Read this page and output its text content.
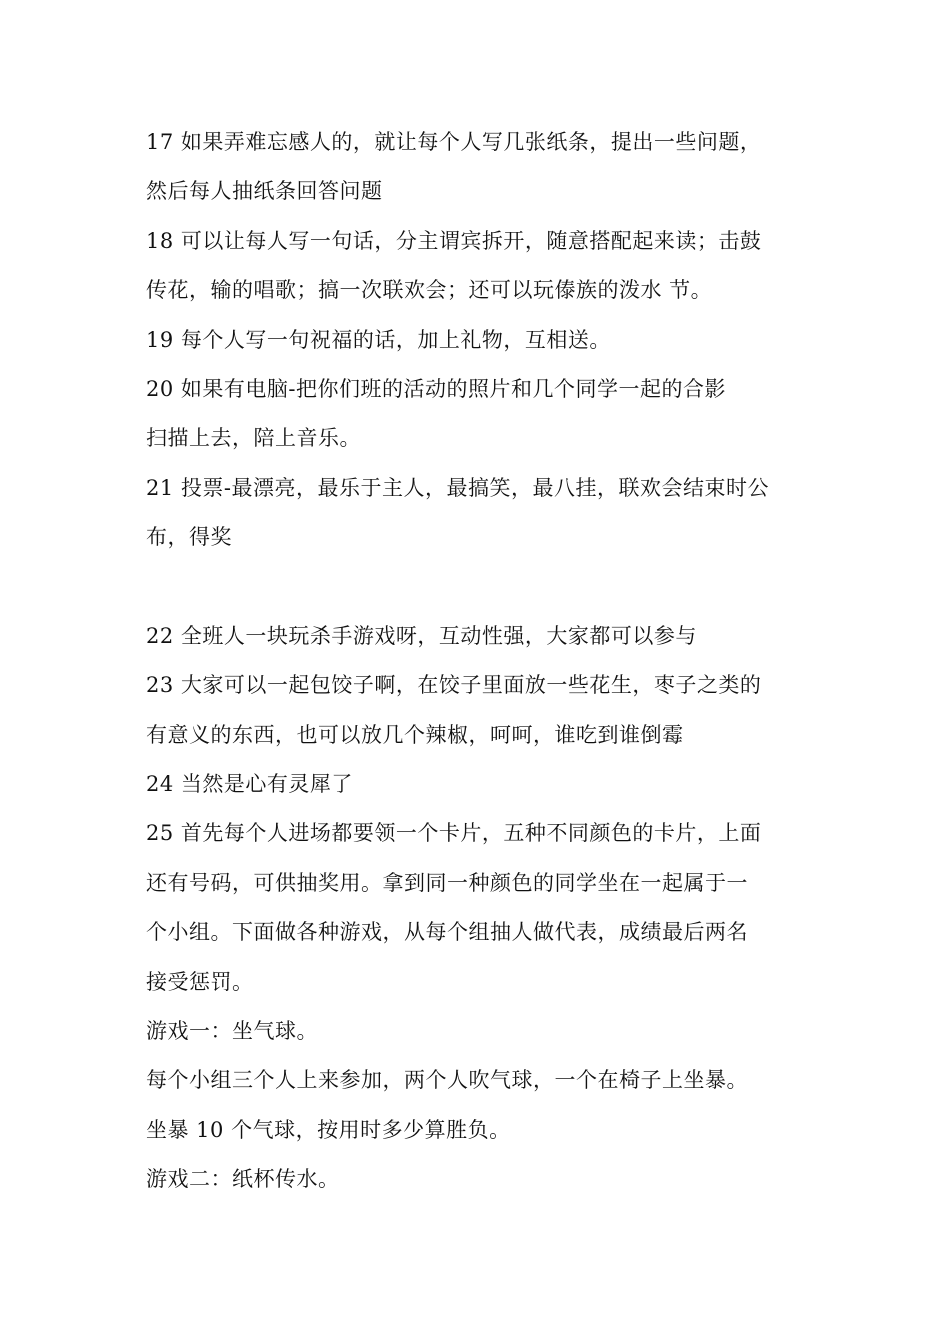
17 如果弄难忘感人的，就让每个人写几张纸条，提出一些问题，
然后每人抽纸条回答问题
18 可以让每人写一句话，分主谓宾拆开，随意搭配起来读；击鼓
传花，输的唱歌；搞一次联欢会；还可以玩傣族的泼水 节。
19 每个人写一句祝福的话，加上礼物，互相送。
20 如果有电脑-把你们班的活动的照片和几个同学一起的合影
扫描上去，陪上音乐。
21 投票-最漂亮，最乐于主人，最搞笑，最八挂，联欢会结束时公
布，得奖
22 全班人一块玩杀手游戏呀，互动性强，大家都可以参与
23 大家可以一起包饺子啊，在饺子里面放一些花生，枣子之类的
有意义的东西，也可以放几个辣椒，呵呵，谁吃到谁倒霉
24 当然是心有灵犀了
25 首先每个人进场都要领一个卡片，五种不同颜色的卡片，上面
还有号码，可供抽奖用。拿到同一种颜色的同学坐在一起属于一
个小组。下面做各种游戏，从每个组抽人做代表，成绩最后两名
接受惩罚。
游戏一：坐气球。
每个小组三个人上来参加，两个人吹气球，一个在椅子上坐暴。
坐暴 10 个气球，按用时多少算胜负。
游戏二：纸杯传水。
